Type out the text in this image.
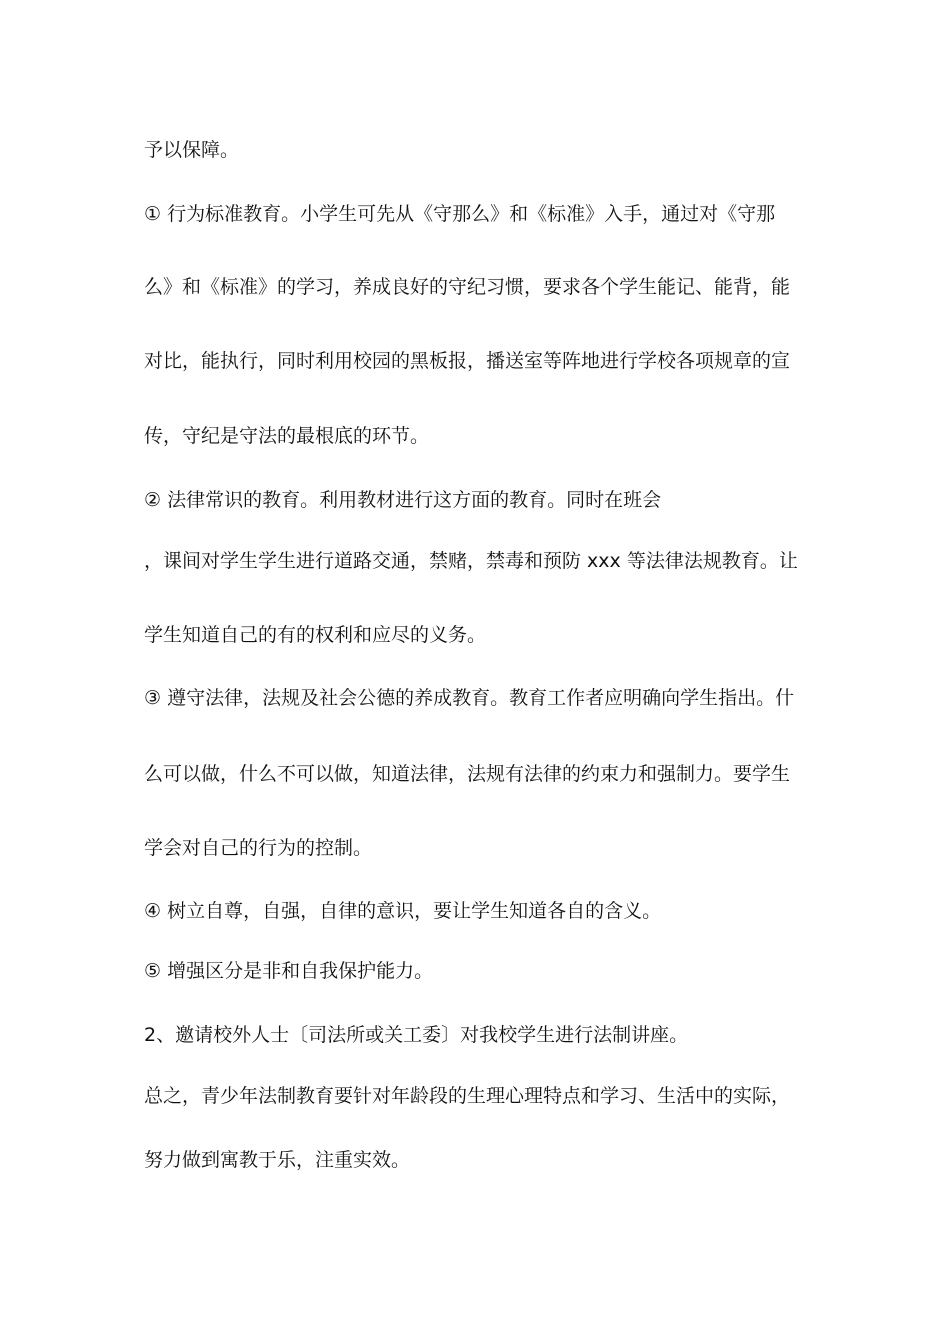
予以保障。
① 行为标准教育。小学生可先从《守那么》和《标准》入手，通过对《守那
么》和《标准》的学习，养成良好的守纪习惯，要求各个学生能记、能背，能
对比，能执行，同时利用校园的黑板报，播送室等阵地进行学校各项规章的宣
传，守纪是守法的最根底的环节。
② 法律常识的教育。利用教材进行这方面的教育。同时在班会
，课间对学生学生进行道路交通，禁赌，禁毒和预防 xxx 等法律法规教育。让
学生知道自己的有的权利和应尽的义务。
③ 遵守法律，法规及社会公德的养成教育。教育工作者应明确向学生指出。什
么可以做，什么不可以做，知道法律，法规有法律的约束力和强制力。要学生
学会对自己的行为的控制。
④ 树立自尊，自强，自律的意识，要让学生知道各自的含义。
⑤ 增强区分是非和自我保护能力。
2、邀请校外人士〔司法所或关工委〕对我校学生进行法制讲座。
总之，青少年法制教育要针对年龄段的生理心理特点和学习、生活中的实际，
努力做到寓教于乐，注重实效。
